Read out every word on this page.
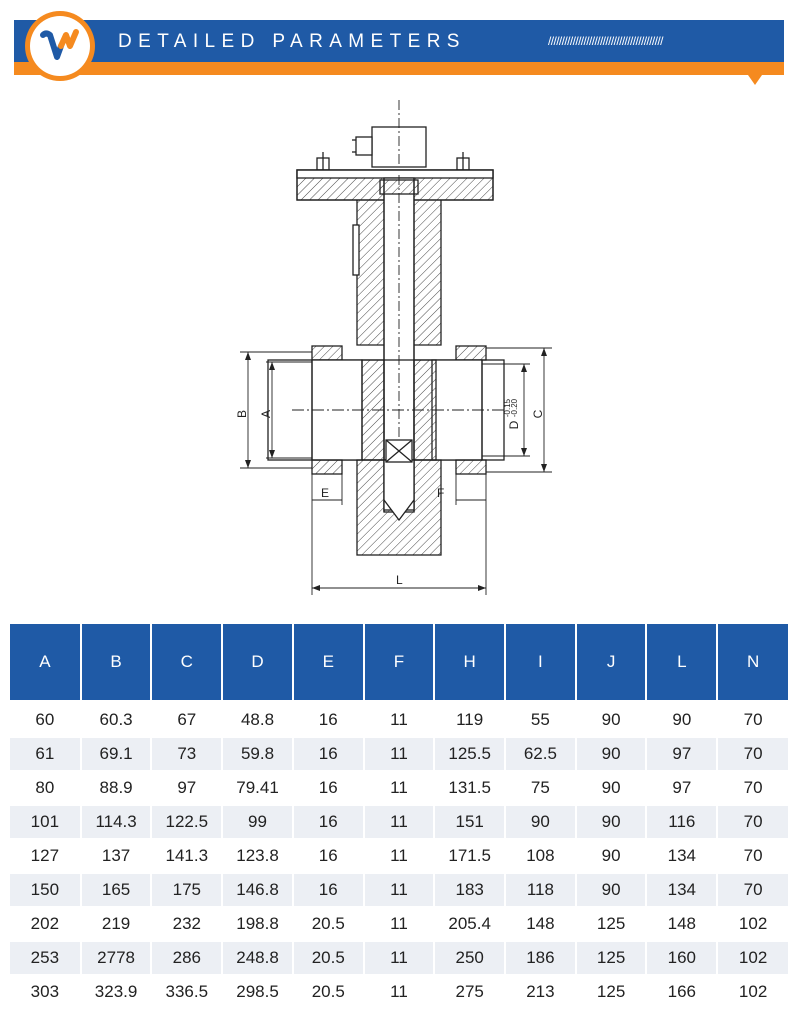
DETAILED PARAMETERS	//////////////////////////////////////////
B A	C
D
-0.15
-0.20
E	F
L
A	B	C	D	E	F	H	I	J	L	N
60	60.3	67	48.8	16	11	119	55	90	90	70
61	69.1	73	59.8	16	11	125.5	62.5	90	97	70
80	88.9	97	79.41	16	11	131.5	75	90	97	70
101	114.3	122.5	99	16	11	151	90	90	116	70
127	137	141.3	123.8	16	11	171.5	108	90	134	70
150	165	175	146.8	16	11	183	118	90	134	70
202	219	232	198.8	20.5	11	205.4	148	125	148	102
253	2778	286	248.8	20.5	11	250	186	125	160	102
303	323.9	336.5	298.5	20.5	11	275	213	125	166	102
